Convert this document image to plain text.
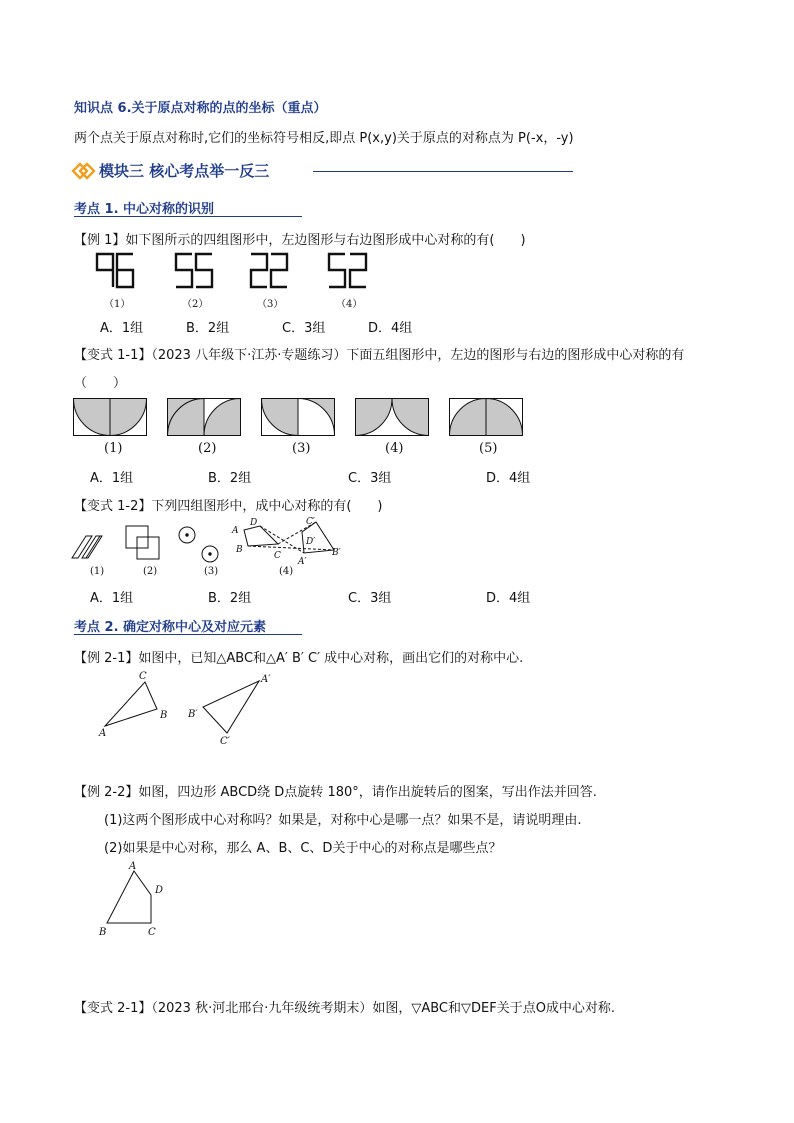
知识点 6.关于原点对称的点的坐标（重点）
两个点关于原点对称时,它们的坐标符号相反,即点 P(x,y)关于原点的对称点为 P(-x，-y)
模块三 核心考点举一反三
考点 1. 中心对称的识别
【例 1】如下图所示的四组图形中，左边图形与右边图形成中心对称的有(　　)
（1）	（2）	（3）	（4）
A．1组	B．2组	C．3组	D．4组
【变式 1-1】（2023 八年级下·江苏·专题练习）下面五组图形中，左边的图形与右边的图形成中心对称的有
（　　）
(1)	(2)	(3)	(4)	(5)
A．1组	B．2组	C．3组	D．4组
【变式 1-2】下列四组图形中，成中心对称的有(　　)
A
D
B
C
C′
D′
B′
A′
(1)	(2)	(3)	(4)
A．1组	B．2组	C．3组	D．4组
考点 2. 确定对称中心及对应元素
【例 2-1】如图中，已知△ABC和△A′ B′ C′ 成中心对称，画出它们的对称中心.
A
B
C	A′
B′
C′
【例 2-2】如图，四边形 ABCD绕 D点旋转 180°，请作出旋转后的图案，写出作法并回答.
(1)这两个图形成中心对称吗？如果是，对称中心是哪一点？如果不是，请说明理由.
(2)如果是中心对称，那么 A、B、C、D关于中心的对称点是哪些点？
A
B	C
D
【变式 2-1】（2023 秋·河北邢台·九年级统考期末）如图，▽ABC和▽DEF关于点O成中心对称.
